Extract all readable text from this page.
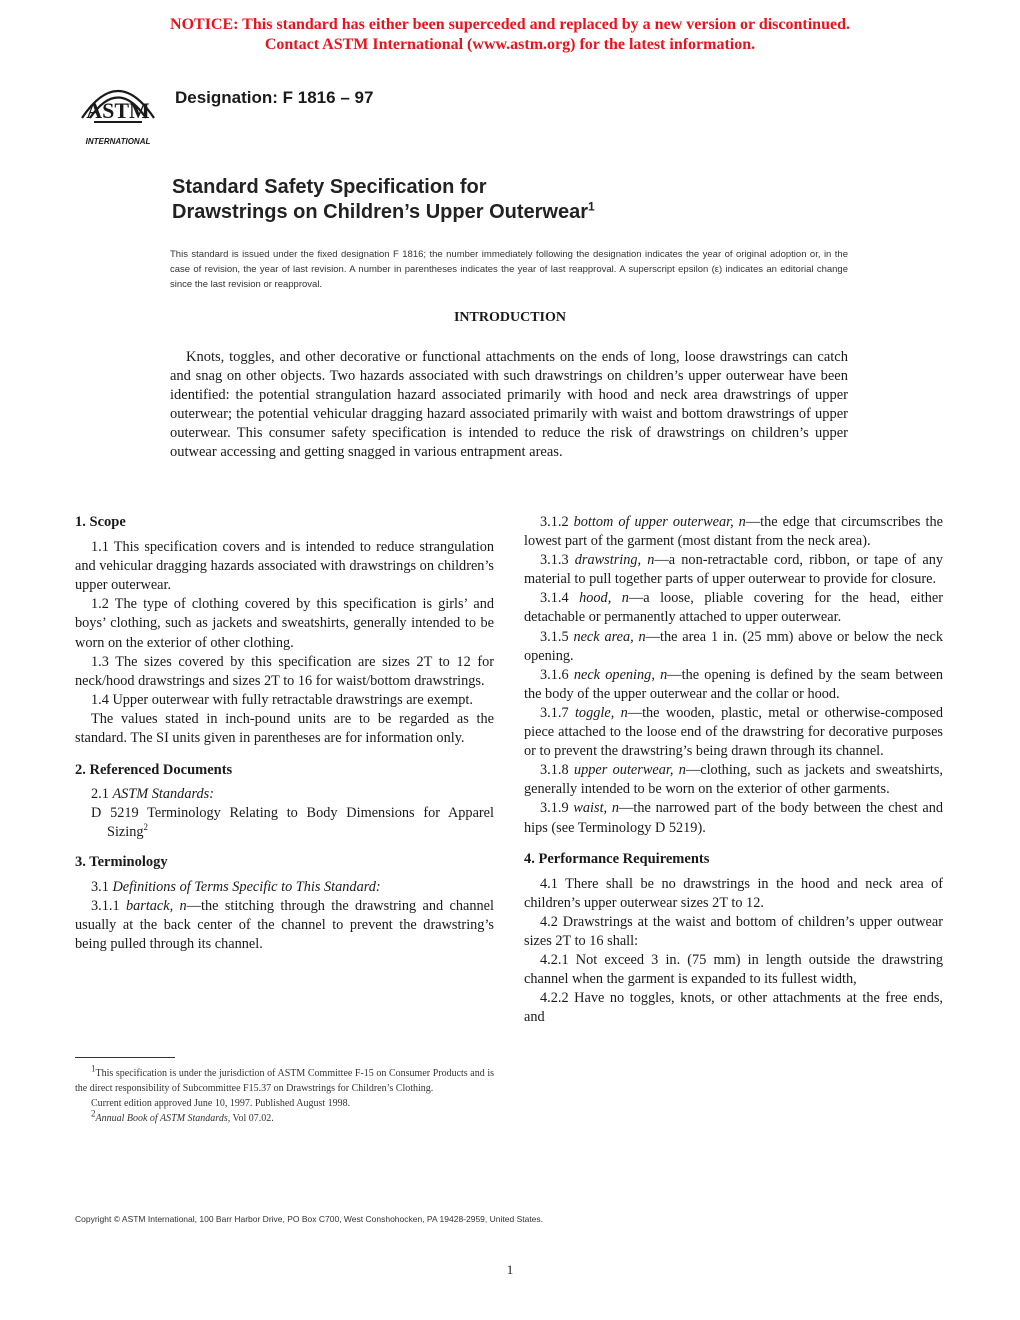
NOTICE: This standard has either been superceded and replaced by a new version or discontinued.
Contact ASTM International (www.astm.org) for the latest information.
ASTM
INTERNATIONAL
Designation: F 1816 – 97
Standard Safety Specification for
Drawstrings on Children’s Upper Outerwear$^1$
This standard is issued under the fixed designation F 1816; the number immediately following the designation indicates the year of original adoption or, in the case of revision, the year of last revision. A number in parentheses indicates the year of last reapproval. A superscript epsilon (ε) indicates an editorial change since the last revision or reapproval.
INTRODUCTION
Knots, toggles, and other decorative or functional attachments on the ends of long, loose drawstrings can catch and snag on other objects. Two hazards associated with such drawstrings on children’s upper outerwear have been identified: the potential strangulation hazard associated primarily with hood and neck area drawstrings of upper outerwear; the potential vehicular dragging hazard associated primarily with waist and bottom drawstrings of upper outerwear. This consumer safety specification is intended to reduce the risk of drawstrings on children’s upper outwear accessing and getting snagged in various entrapment areas.
1. Scope

1.1 This specification covers and is intended to reduce strangulation and vehicular dragging hazards associated with drawstrings on children’s upper outerwear.

1.2 The type of clothing covered by this specification is girls’ and boys’ clothing, such as jackets and sweatshirts, generally intended to be worn on the exterior of other clothing.

1.3 The sizes covered by this specification are sizes 2T to 12 for neck/hood drawstrings and sizes 2T to 16 for waist/bottom drawstrings.

1.4 Upper outerwear with fully retractable drawstrings are exempt.

The values stated in inch-pound units are to be regarded as the standard. The SI units given in parentheses are for information only.

2. Referenced Documents

2.1 ASTM Standards:

D 5219 Terminology Relating to Body Dimensions for Apparel Sizing$^2$

3. Terminology

3.1 Definitions of Terms Specific to This Standard:

3.1.1 bartack, n—the stitching through the drawstring and channel usually at the back center of the channel to prevent the drawstring’s being pulled through its channel.

3.1.2 bottom of upper outerwear, n—the edge that circumscribes the lowest part of the garment (most distant from the neck area).

3.1.3 drawstring, n—a non-retractable cord, ribbon, or tape of any material to pull together parts of upper outerwear to provide for closure.

3.1.4 hood, n—a loose, pliable covering for the head, either detachable or permanently attached to upper outerwear.

3.1.5 neck area, n—the area 1 in. (25 mm) above or below the neck opening.

3.1.6 neck opening, n—the opening is defined by the seam between the body of the upper outerwear and the collar or hood.

3.1.7 toggle, n—the wooden, plastic, metal or otherwise-composed piece attached to the loose end of the drawstring for decorative purposes or to prevent the drawstring’s being drawn through its channel.

3.1.8 upper outerwear, n—clothing, such as jackets and sweatshirts, generally intended to be worn on the exterior of other garments.

3.1.9 waist, n—the narrowed part of the body between the chest and hips (see Terminology D 5219).

4. Performance Requirements

4.1 There shall be no drawstrings in the hood and neck area of children’s upper outerwear sizes 2T to 12.

4.2 Drawstrings at the waist and bottom of children’s upper outwear sizes 2T to 16 shall:

4.2.1 Not exceed 3 in. (75 mm) in length outside the drawstring channel when the garment is expanded to its fullest width,

4.2.2 Have no toggles, knots, or other attachments at the free ends, and

$^1$This specification is under the jurisdiction of ASTM Committee F-15 on Consumer Products and is the direct responsibility of Subcommittee F15.37 on Drawstrings for Children’s Clothing.

Current edition approved June 10, 1997. Published August 1998.

$^2$Annual Book of ASTM Standards, Vol 07.02.

Copyright © ASTM International, 100 Barr Harbor Drive, PO Box C700, West Conshohocken, PA 19428-2959, United States.
1
